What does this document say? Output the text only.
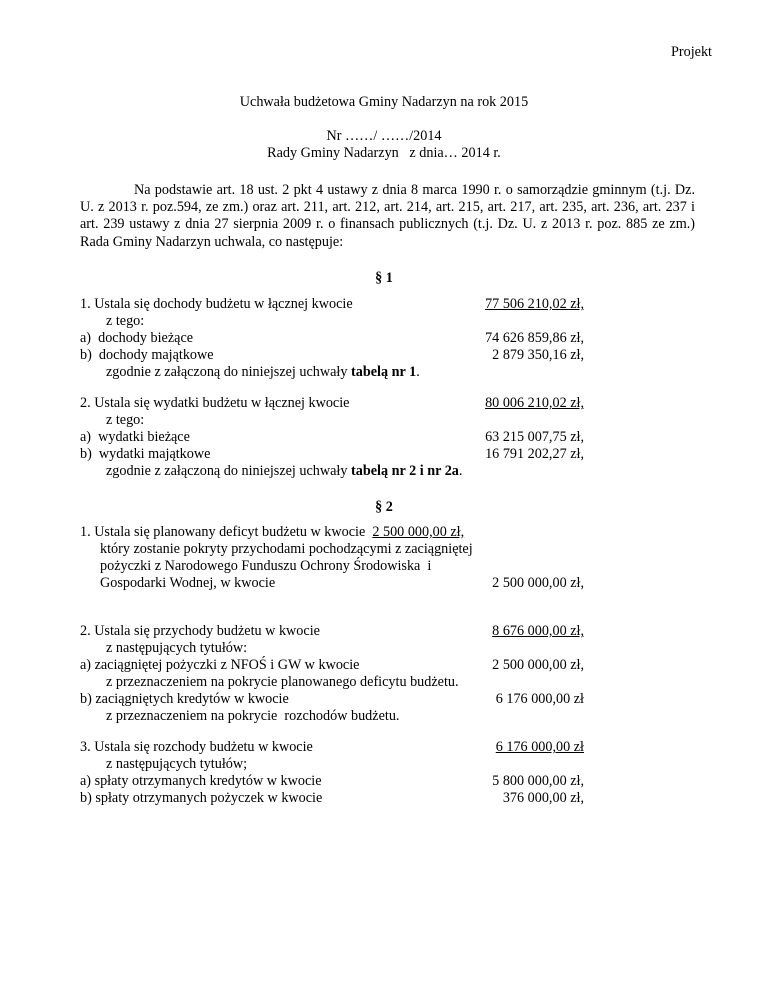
Projekt
Uchwała budżetowa Gminy Nadarzyn na rok 2015
Nr ……/ ……/2014
Rady Gminy Nadarzyn   z dnia… 2014 r.
Na podstawie art. 18 ust. 2 pkt 4 ustawy z dnia 8 marca 1990 r. o samorządzie gminnym (t.j. Dz. U. z 2013 r. poz.594, ze zm.) oraz art. 211, art. 212, art. 214, art. 215, art. 217, art. 235, art. 236, art. 237 i art. 239 ustawy z dnia 27 sierpnia 2009 r. o finansach publicznych (t.j. Dz. U. z 2013 r. poz. 885 ze zm.) Rada Gminy Nadarzyn uchwala, co następuje:
§ 1
1. Ustala się dochody budżetu w łącznej kwocie	77 506 210,02 zł,
z tego:
a)  dochody bieżące	74 626 859,86 zł,
b)  dochody majątkowe	2 879 350,16 zł,
zgodnie z załączoną do niniejszej uchwały tabelą nr 1.
2. Ustala się wydatki budżetu w łącznej kwocie	80 006 210,02 zł,
z tego:
a)  wydatki bieżące	63 215 007,75 zł,
b)  wydatki majątkowe	16 791 202,27 zł,
zgodnie z załączoną do niniejszej uchwały tabelą nr 2 i nr 2a.
§ 2
1. Ustala się planowany deficyt budżetu w kwocie 2 500 000,00 zł,
który zostanie pokryty przychodami pochodzącymi z zaciągniętej
pożyczki z Narodowego Funduszu Ochrony Środowiska  i
Gospodarki Wodnej, w kwocie	2 500 000,00 zł,
2. Ustala się przychody budżetu w kwocie	8 676 000,00 zł,
z następujących tytułów:
a) zaciągniętej pożyczki z NFOŚ i GW w kwocie	2 500 000,00 zł,
z przeznaczeniem na pokrycie planowanego deficytu budżetu.
b) zaciągniętych kredytów w kwocie	6 176 000,00 zł
z przeznaczeniem na pokrycie  rozchodów budżetu.
3. Ustala się rozchody budżetu w kwocie	6 176 000,00 zł
z następujących tytułów;
a) spłaty otrzymanych kredytów w kwocie	5 800 000,00 zł,
b) spłaty otrzymanych pożyczek w kwocie	376 000,00 zł,
